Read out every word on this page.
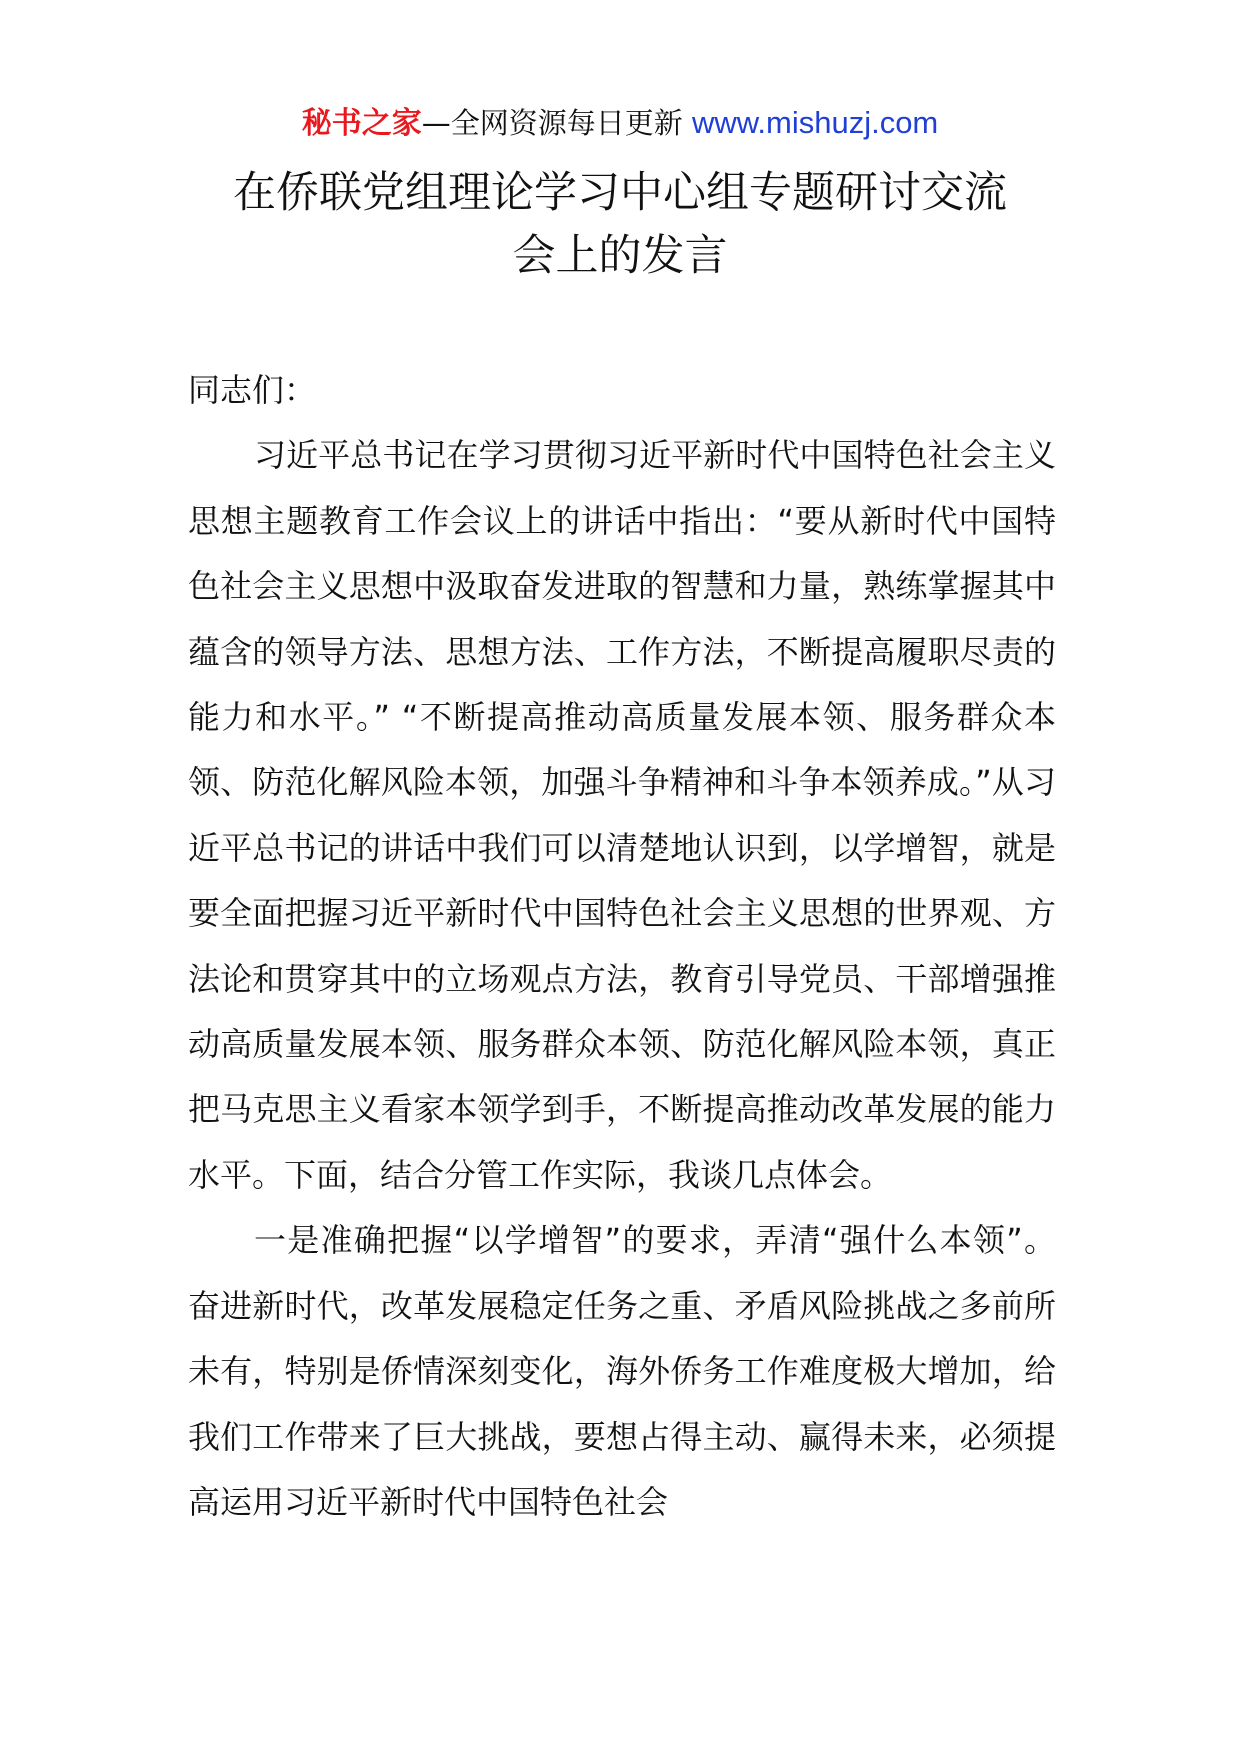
秘书之家—全网资源每日更新 www.mishuzj.com
在侨联党组理论学习中心组专题研讨交流
会上的发言

同志们：

习近平总书记在学习贯彻习近平新时代中国特色社会主义思想主题教育工作会议上的讲话中指出：“要从新时代中国特色社会主义思想中汲取奋发进取的智慧和力量，熟练掌握其中蕴含的领导方法、思想方法、工作方法，不断提高履职尽责的能力和水平。” “不断提高推动高质量发展本领、服务群众本领、防范化解风险本领，加强斗争精神和斗争本领养成。”从习近平总书记的讲话中我们可以清楚地认识到，以学增智，就是要全面把握习近平新时代中国特色社会主义思想的世界观、方法论和贯穿其中的立场观点方法，教育引导党员、干部增强推动高质量发展本领、服务群众本领、防范化解风险本领，真正把马克思主义看家本领学到手，不断提高推动改革发展的能力水平。下面，结合分管工作实际，我谈几点体会。

一是准确把握“以学增智”的要求，弄清“强什么本领”。奋进新时代，改革发展稳定任务之重、矛盾风险挑战之多前所未有，特别是侨情深刻变化，海外侨务工作难度极大增加，给我们工作带来了巨大挑战，要想占得主动、赢得未来，必须提高运用习近平新时代中国特色社会
